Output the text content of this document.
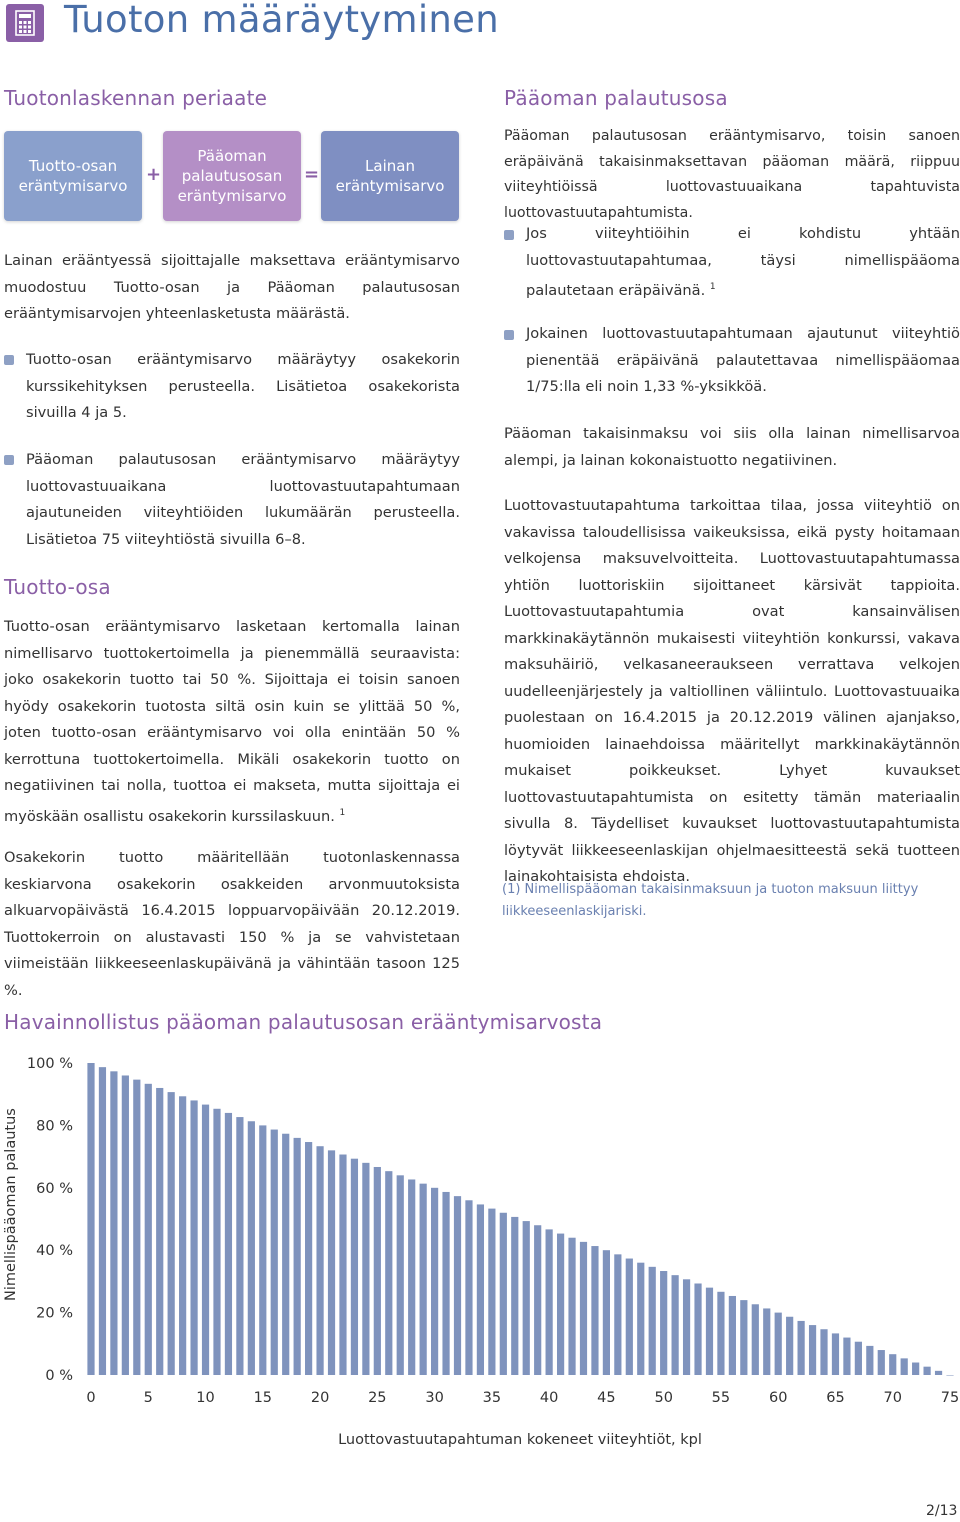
Tuoton määräytyminen
Tuotonlaskennan periaate
Tuotto-osan
eräntymisarvo
+
Pääoman
palautusosan
eräntymisarvo
=	Lainan
eräntymisarvo
Lainan erääntyessä sijoittajalle maksettava erääntymisarvo muodostuu Tuotto-osan ja Pääoman palautusosan erääntymisarvojen yhteenlasketusta määrästä.
Tuotto-osan erääntymisarvo määräytyy osakekorin kurssikehityksen perusteella. Lisätietoa osakekorista sivuilla 4 ja 5.
Pääoman palautusosan erääntymisarvo määräytyy luottovastuuaikana luottovastuutapahtumaan ajautuneiden viiteyhtiöiden lukumäärän perusteella. Lisätietoa 75 viiteyhtiöstä sivuilla 6–8.
Tuotto-osa
Tuotto-osan erääntymisarvo lasketaan kertomalla lainan nimellisarvo tuottokertoimella ja pienemmällä seuraavista: joko osakekorin tuotto tai 50 %. Sijoittaja ei toisin sanoen hyödy osakekorin tuotosta siltä osin kuin se ylittää 50 %, joten tuotto-osan erääntymisarvo voi olla enintään 50 % kerrottuna tuottokertoimella. Mikäli osakekorin tuotto on negatiivinen tai nolla, tuottoa ei makseta, mutta sijoittaja ei myöskään osallistu osakekorin kurssilaskuun. $^1$
Osakekorin tuotto määritellään tuotonlaskennassa keskiarvona osakekorin osakkeiden arvonmuutoksista alkuarvopäivästä 16.4.2015 loppuarvopäivään 20.12.2019. Tuottokerroin on alustavasti 150 % ja se vahvistetaan viimeistään liikkeeseenlaskupäivänä ja vähintään tasoon 125 %.
Pääoman palautusosa
Pääoman palautusosan erääntymisarvo, toisin sanoen eräpäivänä takaisinmaksettavan pääoman määrä, riippuu viiteyhtiöissä luottovastuuaikana tapahtuvista luottovastuutapahtumista.
Jos viiteyhtiöihin ei kohdistu yhtään luottovastuutapahtumaa, täysi nimellispääoma palautetaan eräpäivänä. $^1$
Jokainen luottovastuutapahtumaan ajautunut viiteyhtiö pienentää eräpäivänä palautettavaa nimellispääomaa 1/75:lla eli noin 1,33 %-yksikköä.
Pääoman takaisinmaksu voi siis olla lainan nimellisarvoa alempi, ja lainan kokonaistuotto negatiivinen.
Luottovastuutapahtuma tarkoittaa tilaa, jossa viiteyhtiö on vakavissa taloudellisissa vaikeuksissa, eikä pysty hoitamaan velkojensa maksuvelvoitteita. Luottovastuutapahtumassa yhtiön luottoriskiin sijoittaneet kärsivät tappioita. Luottovastuutapahtumia ovat kansainvälisen markkinakäytännön mukaisesti viiteyhtiön konkurssi, vakava maksuhäiriö, velkasaneeraukseen verrattava velkojen uudelleenjärjestely ja valtiollinen väliintulo. Luottovastuuaika puolestaan on 16.4.2015 ja 20.12.2019 välinen ajanjakso, huomioiden lainaehdoissa määritellyt markkinakäytännön mukaiset poikkeukset. Lyhyet kuvaukset luottovastuutapahtumista on esitetty tämän materiaalin sivulla 8. Täydelliset kuvaukset luottovastuutapahtumista löytyvät liikkeeseenlaskijan ohjelmaesitteestä sekä tuotteen lainakohtaisista ehdoista.
(1) Nimellispääoman takaisinmaksuun ja tuoton maksuun liittyy liikkeeseenlaskijariski.
Havainnollistus pääoman palautusosan erääntymisarvosta
Nimellispääoman palautus
0 %
20 %
40 %
60 %
80 %
100 %
0	5	10	15	20	25	30	35	40	45	50	55	60	65	70	75
Luottovastuutapahtuman kokeneet viiteyhtiöt, kpl
2/13
